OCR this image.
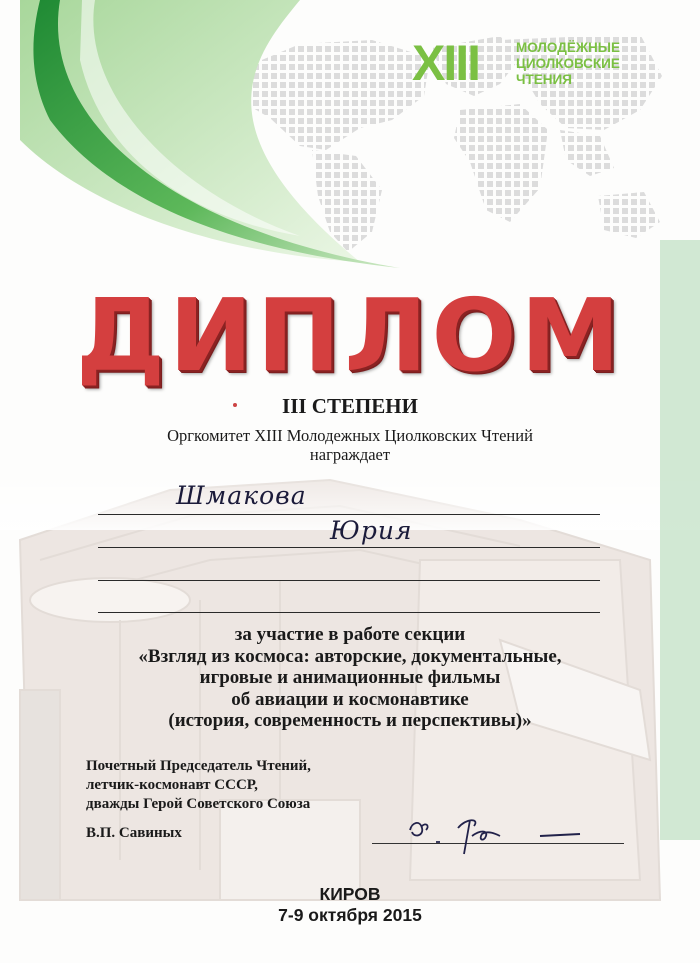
XIII	МОЛОДЁЖНЫЕ
ЦИОЛКОВСКИЕ
ЧТЕНИЯ
ДИПЛОМ
III СТЕПЕНИ
Оргкомитет XIII Молодежных Циолковских Чтений
награждает
Шмакова
Юрия
за участие в работе секции
«Взгляд из космоса: авторские, документальные,
игровые и анимационные фильмы
об авиации и космонавтике
(история, современность и перспективы)»
Почетный Председатель Чтений,
летчик-космонавт СССР,
дважды Герой Советского Союза
В.П. Савиных
КИРОВ
7-9 октября 2015
